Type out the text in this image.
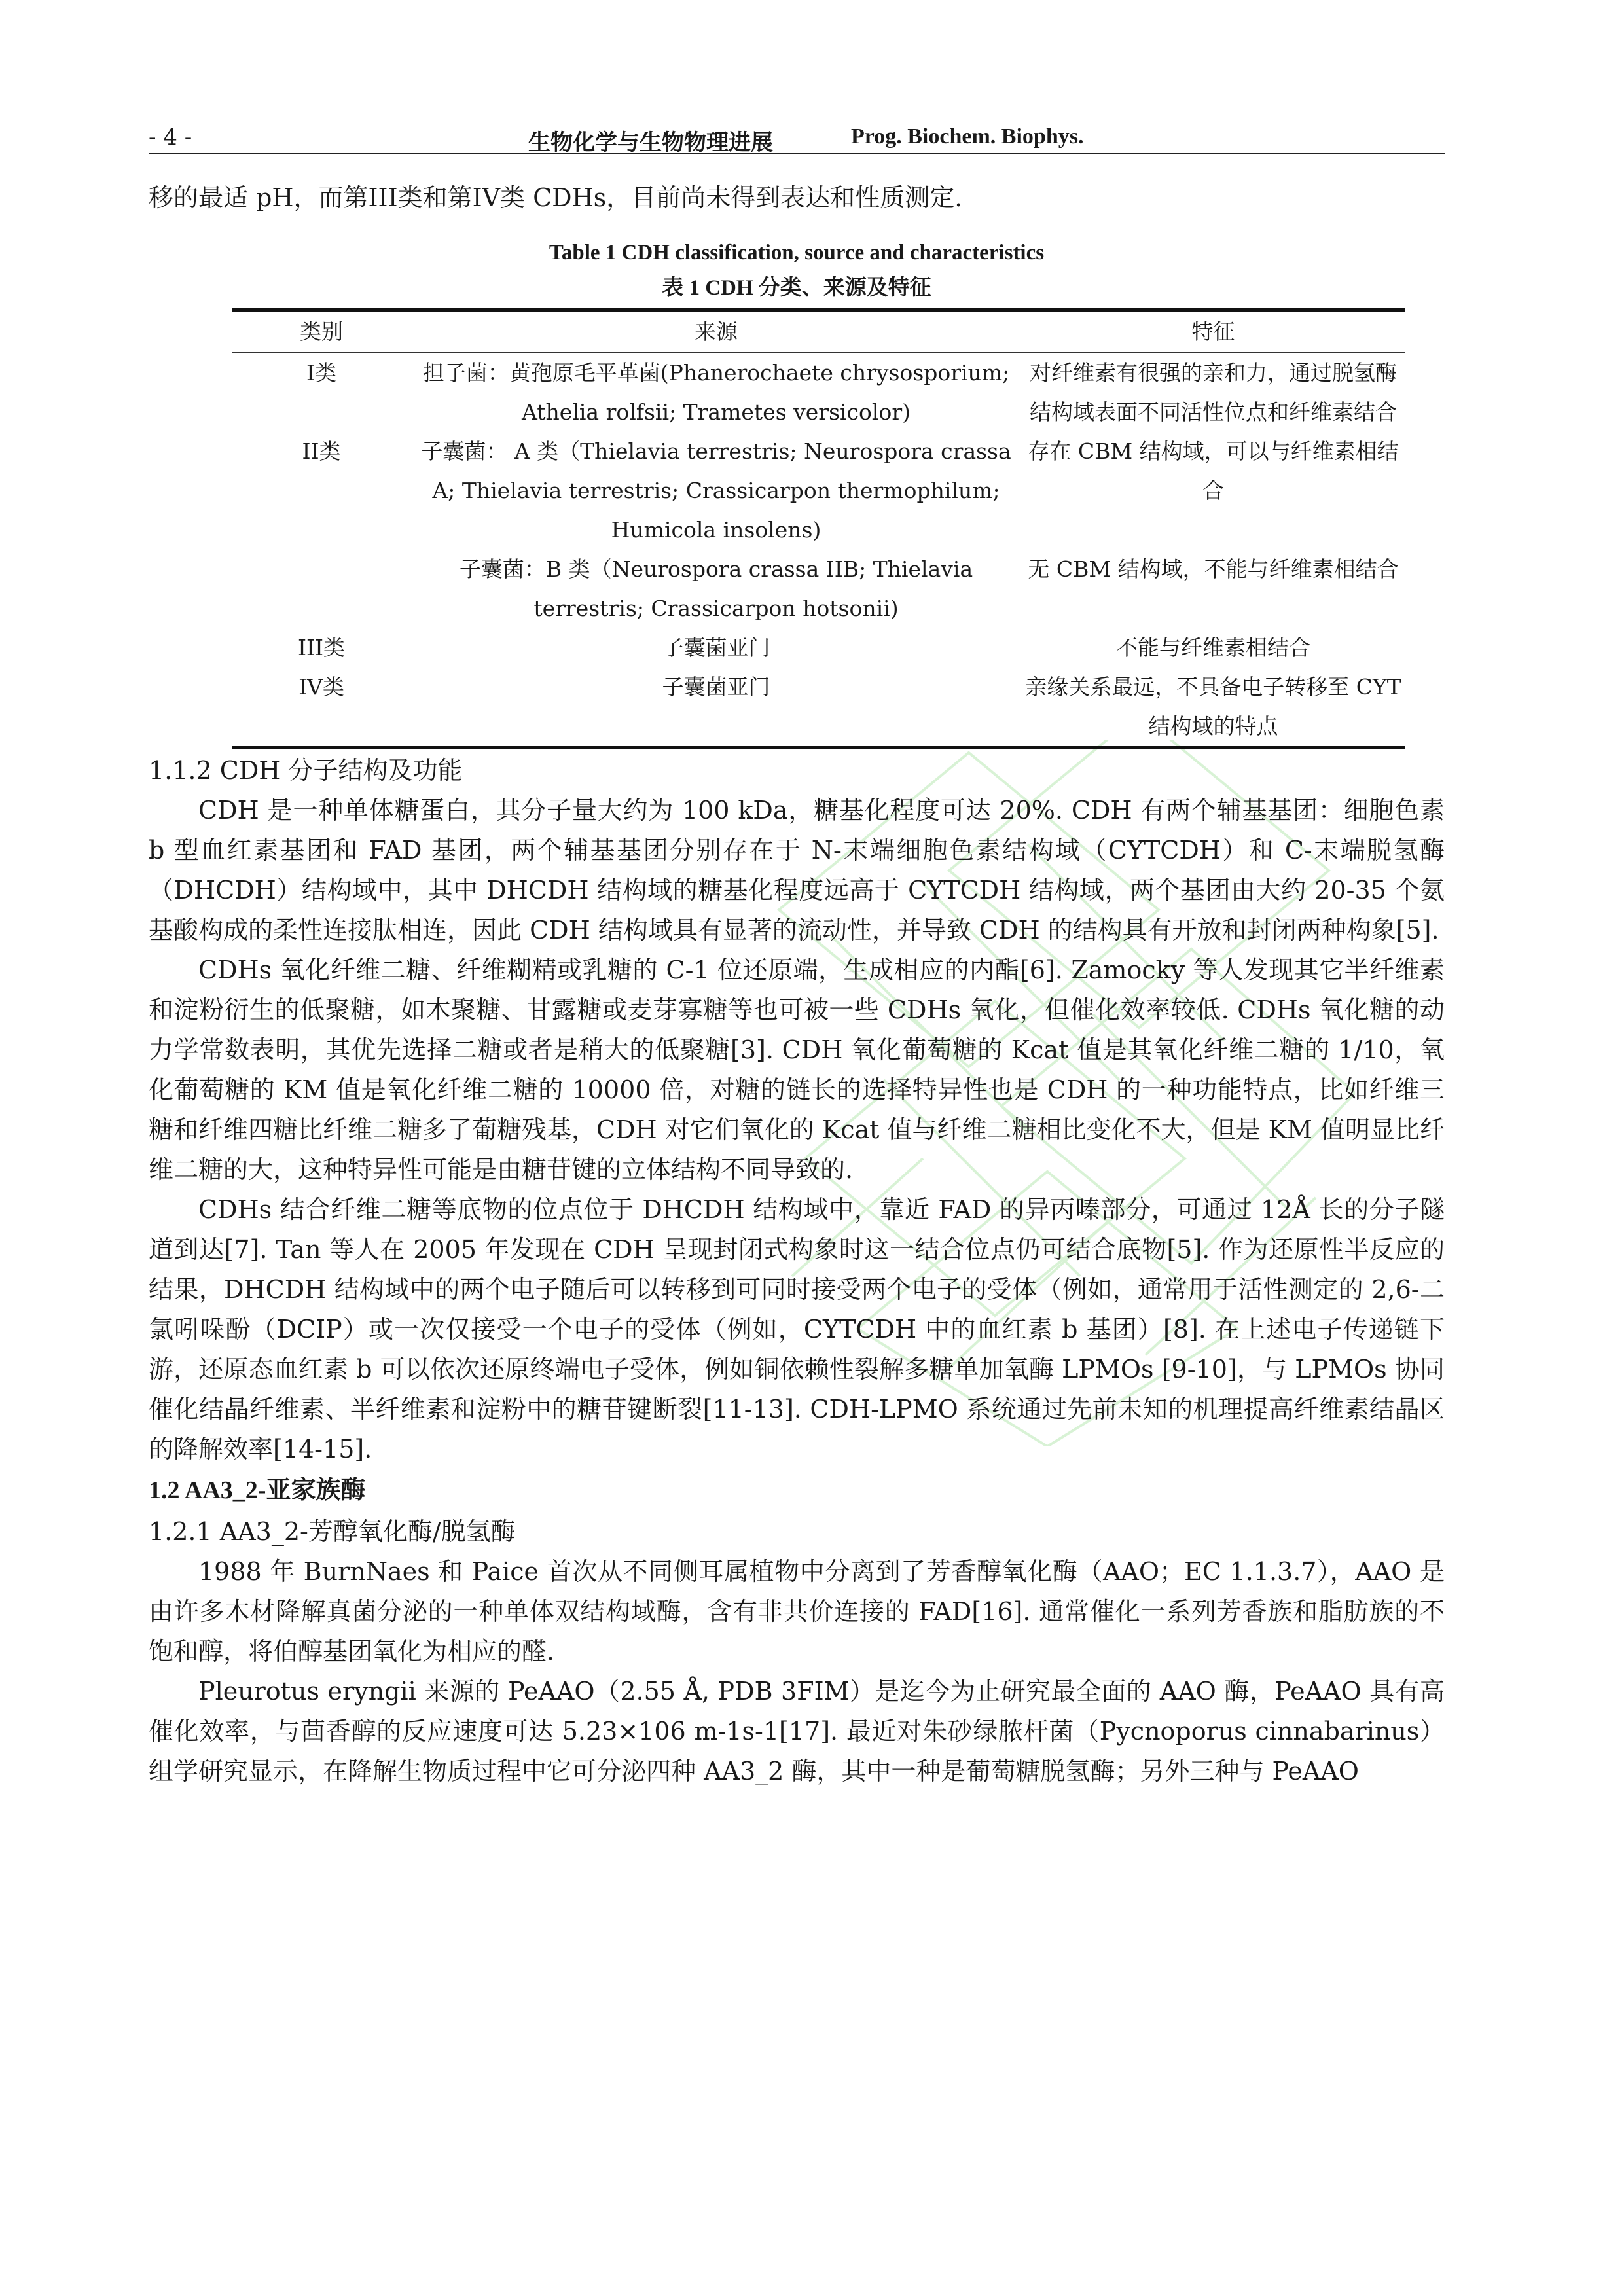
- 4 -	生物化学与生物物理进展	Prog. Biochem. Biophys.

移的最适 pH，而第III类和第IV类 CDHs，目前尚未得到表达和性质测定.

Table 1 CDH classification, source and characteristics
表 1 CDH 分类、来源及特征
类别	来源	特征
I类	担子菌：黄孢原毛平革菌(Phanerochaete chrysosporium; Athelia rolfsii; Trametes versicolor)	对纤维素有很强的亲和力，通过脱氢酶结构域表面不同活性位点和纤维素结合
II类	子囊菌： A 类（Thielavia terrestris; Neurospora crassa A; Thielavia terrestris; Crassicarpon thermophilum; Humicola insolens)	存在 CBM 结构域，可以与纤维素相结合
	子囊菌：B 类（Neurospora crassa IIB; Thielavia terrestris; Crassicarpon hotsonii)	无 CBM 结构域，不能与纤维素相结合
III类	子囊菌亚门	不能与纤维素相结合
IV类	子囊菌亚门	亲缘关系最远，不具备电子转移至 CYT 结构域的特点

1.1.2 CDH 分子结构及功能

CDH 是一种单体糖蛋白，其分子量大约为 100 kDa，糖基化程度可达 20%. CDH 有两个辅基基团：细胞色素 b 型血红素基团和 FAD 基团，两个辅基基团分别存在于 N-末端细胞色素结构域（CYTCDH）和 C-末端脱氢酶（DHCDH）结构域中，其中 DHCDH 结构域的糖基化程度远高于 CYTCDH 结构域，两个基团由大约 20-35 个氨基酸构成的柔性连接肽相连，因此 CDH 结构域具有显著的流动性，并导致 CDH 的结构具有开放和封闭两种构象[5].

CDHs 氧化纤维二糖、纤维糊精或乳糖的 C-1 位还原端，生成相应的内酯[6]. Zamocky 等人发现其它半纤维素和淀粉衍生的低聚糖，如木聚糖、甘露糖或麦芽寡糖等也可被一些 CDHs 氧化，但催化效率较低. CDHs 氧化糖的动力学常数表明，其优先选择二糖或者是稍大的低聚糖[3]. CDH 氧化葡萄糖的 Kcat 值是其氧化纤维二糖的 1/10，氧化葡萄糖的 KM 值是氧化纤维二糖的 10000 倍，对糖的链长的选择特异性也是 CDH 的一种功能特点，比如纤维三糖和纤维四糖比纤维二糖多了葡糖残基，CDH 对它们氧化的 Kcat 值与纤维二糖相比变化不大，但是 KM 值明显比纤维二糖的大，这种特异性可能是由糖苷键的立体结构不同导致的.

CDHs 结合纤维二糖等底物的位点位于 DHCDH 结构域中，靠近 FAD 的异丙嗪部分，可通过 12Å 长的分子隧道到达[7]. Tan 等人在 2005 年发现在 CDH 呈现封闭式构象时这一结合位点仍可结合底物[5]. 作为还原性半反应的结果，DHCDH 结构域中的两个电子随后可以转移到可同时接受两个电子的受体（例如，通常用于活性测定的 2,6-二氯吲哚酚（DCIP）或一次仅接受一个电子的受体（例如，CYTCDH 中的血红素 b 基团）[8]. 在上述电子传递链下游，还原态血红素 b 可以依次还原终端电子受体，例如铜依赖性裂解多糖单加氧酶 LPMOs [9-10]，与 LPMOs 协同催化结晶纤维素、半纤维素和淀粉中的糖苷键断裂[11-13]. CDH-LPMO 系统通过先前未知的机理提高纤维素结晶区的降解效率[14-15].

1.2 AA3_2-亚家族酶

1.2.1 AA3_2-芳醇氧化酶/脱氢酶

1988 年 BurnNaes 和 Paice 首次从不同侧耳属植物中分离到了芳香醇氧化酶（AAO；EC 1.1.3.7），AAO 是由许多木材降解真菌分泌的一种单体双结构域酶，含有非共价连接的 FAD[16]. 通常催化一系列芳香族和脂肪族的不饱和醇，将伯醇基团氧化为相应的醛.

Pleurotus eryngii 来源的 PeAAO（2.55 Å, PDB 3FIM）是迄今为止研究最全面的 AAO 酶，PeAAO 具有高催化效率，与茴香醇的反应速度可达 5.23×106 m-1s-1[17]. 最近对朱砂绿脓杆菌（Pycnoporus cinnabarinus）组学研究显示，在降解生物质过程中它可分泌四种 AA3_2 酶，其中一种是葡萄糖脱氢酶；另外三种与 PeAAO
